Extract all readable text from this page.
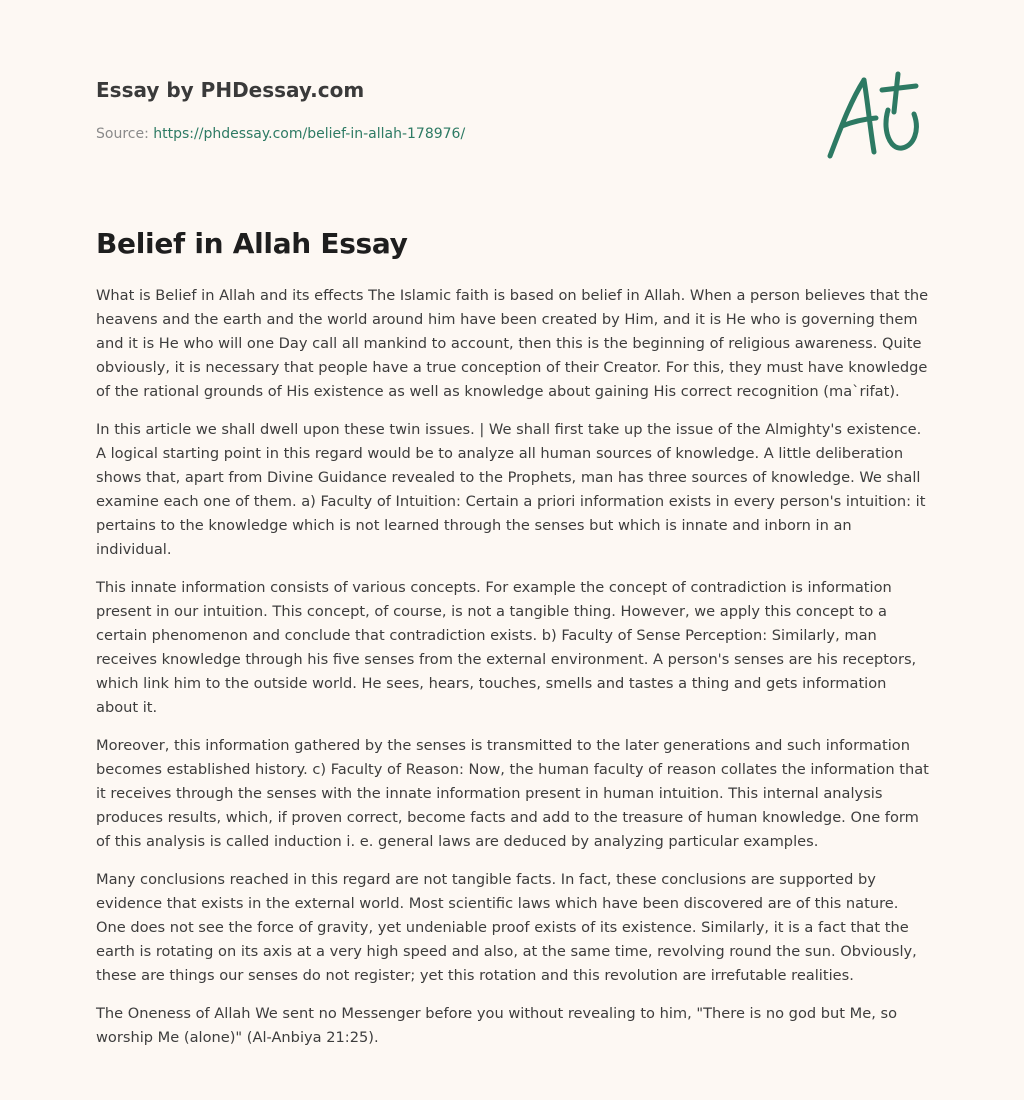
Essay by PHDessay.com
Source: https://phdessay.com/belief-in-allah-178976/
Belief in Allah Essay

What is Belief in Allah and its effects The Islamic faith is based on belief in Allah. When a person believes that the heavens and the earth and the world around him have been created by Him, and it is He who is governing them and it is He who will one Day call all mankind to account, then this is the beginning of religious awareness. Quite obviously, it is necessary that people have a true conception of their Creator. For this, they must have knowledge of the rational grounds of His existence as well as knowledge about gaining His correct recognition (ma`rifat).

In this article we shall dwell upon these twin issues. | We shall first take up the issue of the Almighty's existence. A logical starting point in this regard would be to analyze all human sources of knowledge. A little deliberation shows that, apart from Divine Guidance revealed to the Prophets, man has three sources of knowledge. We shall examine each one of them. a) Faculty of Intuition: Certain a priori information exists in every person's intuition: it pertains to the knowledge which is not learned through the senses but which is innate and inborn in an individual.

This innate information consists of various concepts. For example the concept of contradiction is information present in our intuition. This concept, of course, is not a tangible thing. However, we apply this concept to a certain phenomenon and conclude that contradiction exists. b) Faculty of Sense Perception: Similarly, man receives knowledge through his five senses from the external environment. A person's senses are his receptors, which link him to the outside world. He sees, hears, touches, smells and tastes a thing and gets information about it.

Moreover, this information gathered by the senses is transmitted to the later generations and such information becomes established history. c) Faculty of Reason: Now, the human faculty of reason collates the information that it receives through the senses with the innate information present in human intuition. This internal analysis produces results, which, if proven correct, become facts and add to the treasure of human knowledge. One form of this analysis is called induction i. e. general laws are deduced by analyzing particular examples.

Many conclusions reached in this regard are not tangible facts. In fact, these conclusions are supported by evidence that exists in the external world. Most scientific laws which have been discovered are of this nature. One does not see the force of gravity, yet undeniable proof exists of its existence. Similarly, it is a fact that the earth is rotating on its axis at a very high speed and also, at the same time, revolving round the sun. Obviously, these are things our senses do not register; yet this rotation and this revolution are irrefutable realities.

The Oneness of Allah We sent no Messenger before you without revealing to him, "There is no god but Me, so worship Me (alone)" (Al-Anbiya 21:25).
